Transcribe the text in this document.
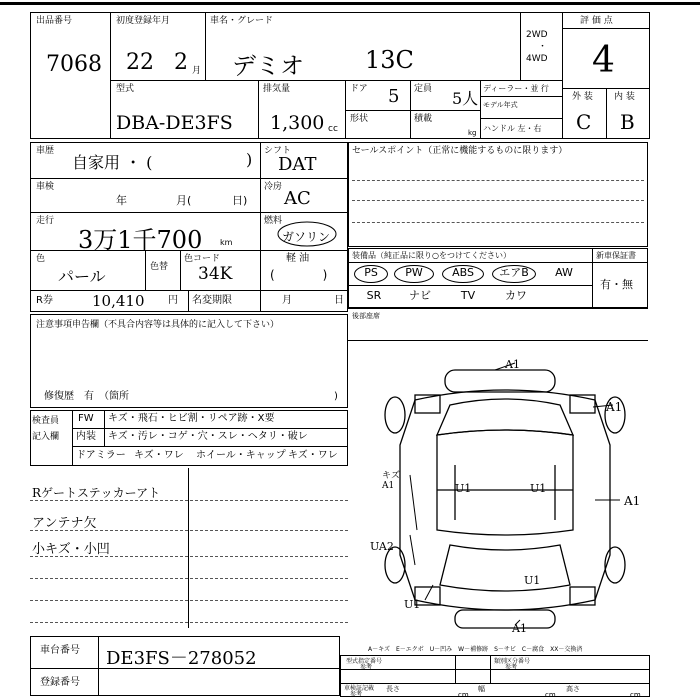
出品番号
7068
初度登録年月
22 2 月
車名・グレード
デミオ	13C
2WD
・
4WD
評 価 点
4
外 装 内 装
C B
型式
DBA-DE3FS
排気量
1,300 cc
ドア 5 定員 5人
形状	積載
kg
ディーラー・並 行
モデル年式
ハンドル 左・右
車歴
自家用 ・ (	)
車検
年	月(	日)
走行
3万1千700 km
色
パール	色替
色コード
34K
R券	10,410 円 名変期限	月	日
シフト
DAT
冷房
AC
燃料
ガソリン
軽 油
(　　　　)
セールスポイント（正常に機能するものに限ります）
装備品（純正品に限り○をつけてください）	新車保証書
有・無
後部座席
注意事項申告欄（不具合内容等は具体的に記入して下さい）
修復歴　有　（箇所	)
検査員
記入欄
FW キズ・飛石・ヒビ割・リペア跡・X要
内装 キズ・汚レ・コゲ・穴・スレ・ヘタリ・破レ
ドアミラー キズ・ワレ ホイール・キャップ キズ・ワレ
Rゲートステッカーアト
アンテナ欠
小キズ・小凹
A1
A1
A1
キズ A1	U1	U1
UA2
U1
U1
A1
A－キズ　E－エクボ　U－凹み　W－補修跡　S－サビ　C－腐食　XX－交換済
車台番号 DE3FS－278052
登録番号
型式指定番号
参考
類別区分番号
参考
車検証記載
参考
長さ
cm
幅
cm
高さ
cm
PS	PW	ABS	エアB	AW
SR	ナビ	TV	カワ
